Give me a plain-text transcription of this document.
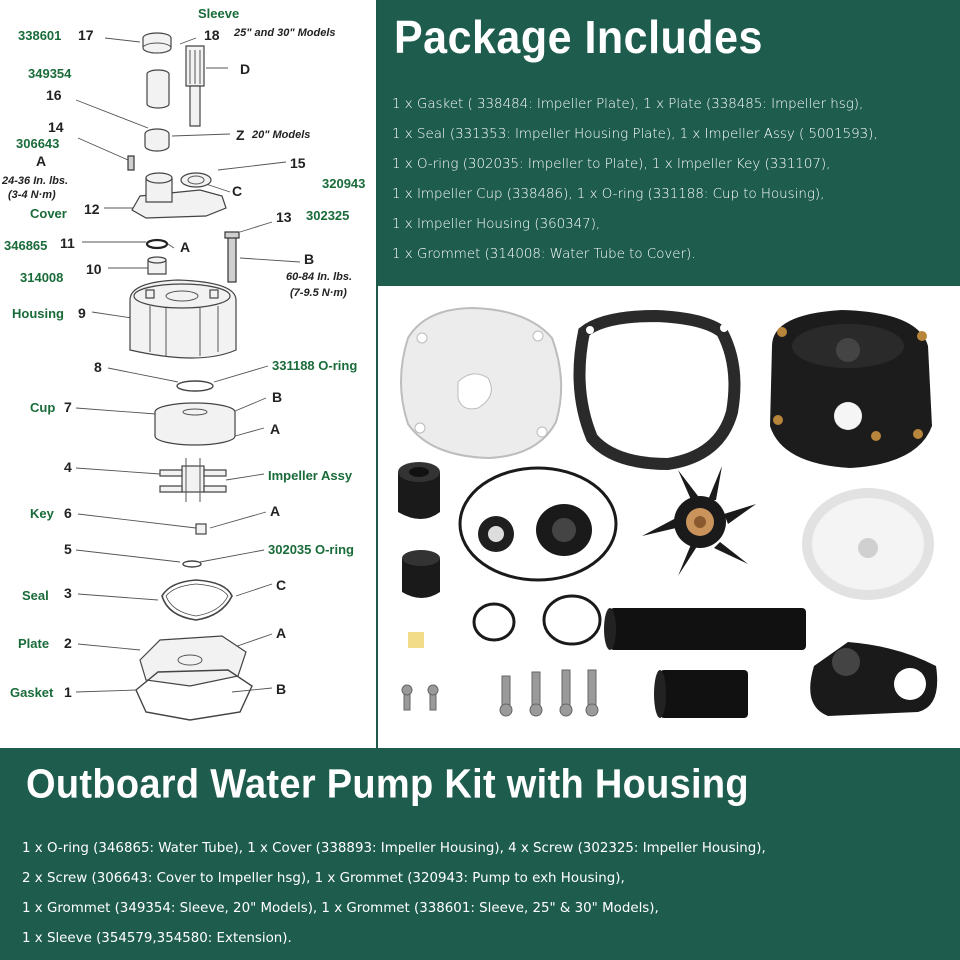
338601
349354
306643
Cover
346865
314008
Housing
Cup
Key
Seal
Plate
Gasket
Sleeve
320943
302325
331188 O-ring
Impeller Assy
302035 O-ring
17	18
16
14
15
12	13
11
10
9
8
7
4
6
5
3
2
1
D
Z
A
C
A
B
B
A
A
C
A
B
25" and 30" Models
20" Models
24-36 In. lbs.
(3-4 N·m)
60-84 In. lbs.
(7-9.5 N·m)
Package Includes
1 x Gasket ( 338484: Impeller Plate), 1 x Plate (338485: Impeller hsg),
1 x Seal (331353: Impeller Housing Plate), 1 x Impeller Assy ( 5001593),
1 x O-ring (302035: Impeller to Plate), 1 x Impeller Key (331107),
1 x Impeller Cup (338486), 1 x O-ring (331188: Cup to Housing),
1 x Impeller Housing (360347),
1 x Grommet (314008: Water Tube to Cover).
Outboard Water Pump Kit with Housing
1 x O-ring (346865: Water Tube), 1 x Cover (338893: Impeller Housing), 4 x Screw (302325: Impeller Housing),
2 x Screw (306643: Cover to Impeller hsg), 1 x Grommet (320943: Pump to exh Housing),
1 x Grommet (349354: Sleeve, 20" Models), 1 x Grommet (338601: Sleeve, 25" & 30" Models),
1 x Sleeve (354579,354580: Extension).
